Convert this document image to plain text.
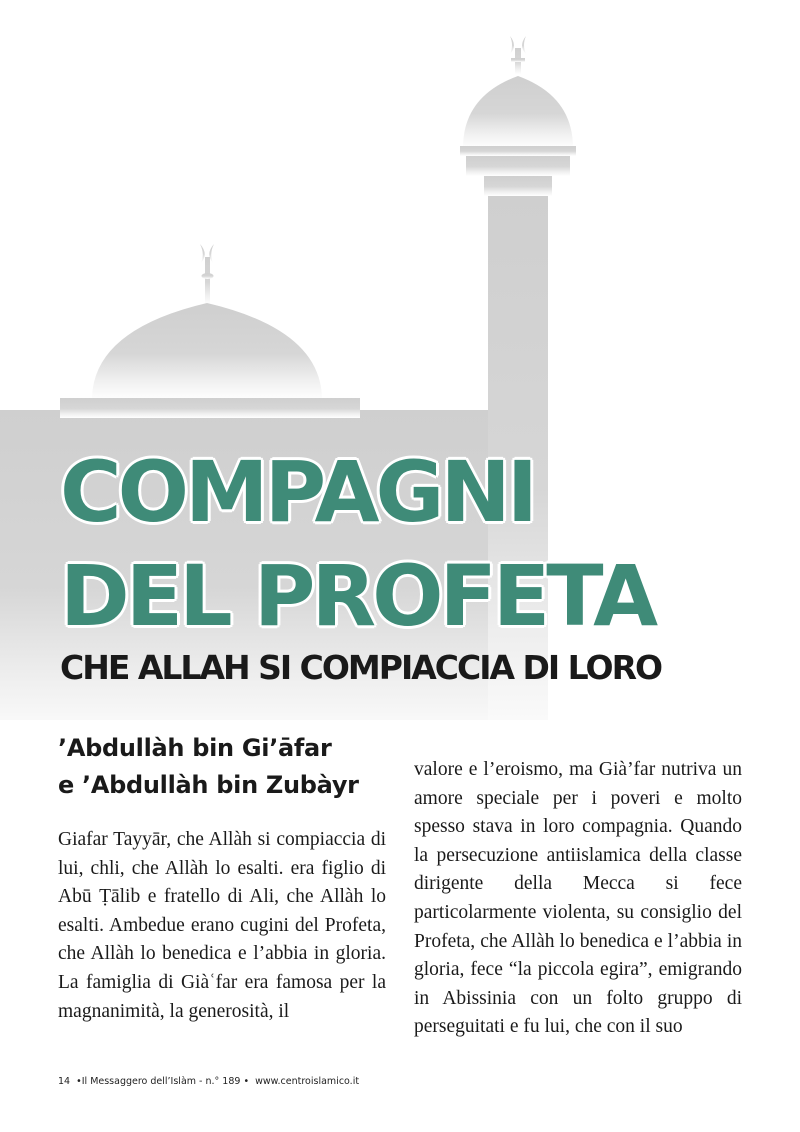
COMPAGNI
DEL PROFETA
CHE ALLAH SI COMPIACCIA DI LORO
’Abdullàh bin Gi’āfar
e ’Abdullàh bin Zubàyr

Giafar Tayyār, che Allàh si compiaccia di lui, chli, che Allàh lo esalti. era figlio di Abū Ṭālib e fratello di Ali, che Allàh lo esalti. Ambedue erano cugini del Profeta, che Allàh lo benedica e l’abbia in gloria. La famiglia di Giàʿfar era famosa per la magnanimità, la generosità, il

valore e l’eroismo, ma Già’far nutriva un amore speciale per i poveri e molto spesso stava in loro compagnia. Quando la persecuzione antiislamica della classe dirigente della Mecca si fece particolarmente violenta, su consiglio del Profeta, che Allàh lo benedica e l’abbia in gloria, fece “la piccola egira”, emigrando in Abissinia con un folto gruppo di perseguitati e fu lui, che con il suo

14 •Il Messaggero dell’Islàm - n.° 189 • www.centroislamico.it
